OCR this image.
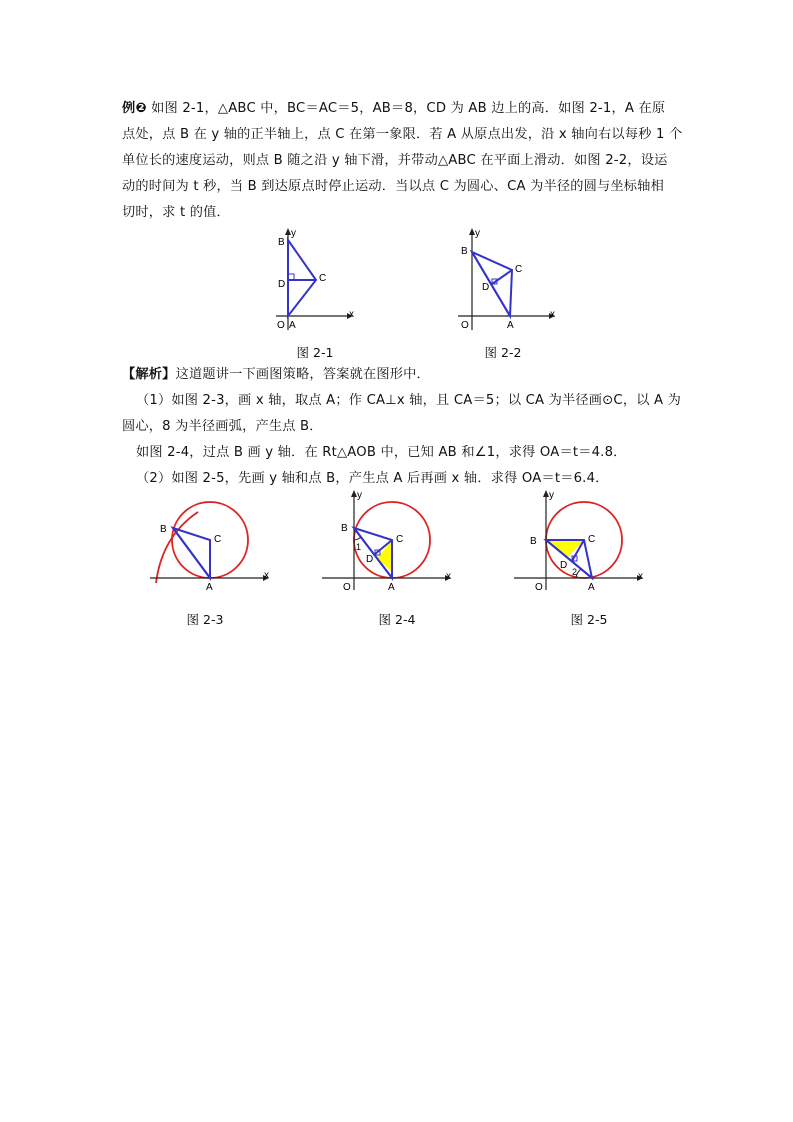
例❷ 如图 2-1，△ABC 中，BC＝AC＝5，AB＝8，CD 为 AB 边上的高．如图 2-1，A 在原
点处，点 B 在 y 轴的正半轴上，点 C 在第一象限．若 A 从原点出发，沿 x 轴向右以每秒 1 个
单位长的速度运动，则点 B 随之沿 y 轴下滑，并带动△ABC 在平面上滑动．如图 2-2，设运
动的时间为 t 秒，当 B 到达原点时停止运动．当以点 C 为圆心、CA 为半径的圆与坐标轴相
切时，求 t 的值．
B
C
D
O A
x
y
图 2-1
B
C
D
O	A
x
y
图 2-2
【解析】这道题讲一下画图策略，答案就在图形中．
（1）如图 2-3，画 x 轴，取点 A；作 CA⊥x 轴，且 CA＝5；以 CA 为半径画⊙C，以 A 为
圆心，8 为半径画弧，产生点 B．
如图 2-4，过点 B 画 y 轴．在 Rt△AOB 中，已知 AB 和∠1，求得 OA＝t＝4.8．
（2）如图 2-5，先画 y 轴和点 B，产生点 A 后再画 x 轴．求得 OA＝t＝6.4．
B
C
A
x
图 2-3
B
C
D
O	A
1
x
y
图 2-4
B	C
D
O	A
2	x
y
图 2-5
